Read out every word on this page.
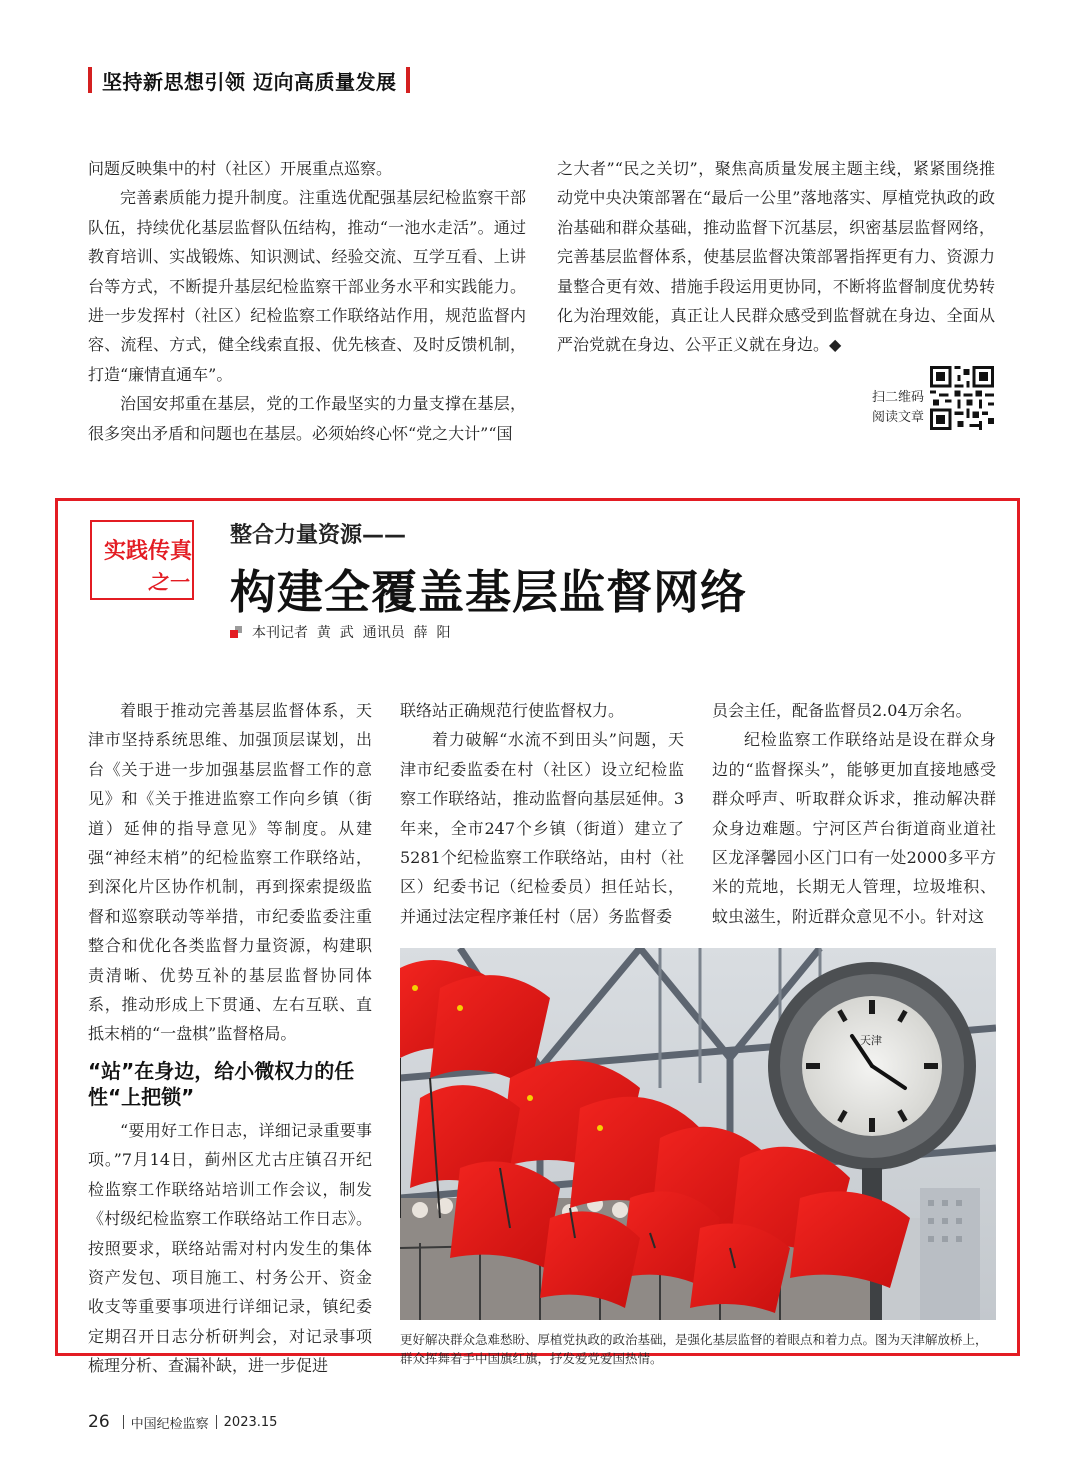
坚持新思想引领 迈向高质量发展

问题反映集中的村（社区）开展重点巡察。

完善素质能力提升制度。注重选优配强基层纪检监察干部队伍，持续优化基层监督队伍结构，推动“一池水走活”。通过教育培训、实战锻炼、知识测试、经验交流、互学互看、上讲台等方式，不断提升基层纪检监察干部业务水平和实践能力。进一步发挥村（社区）纪检监察工作联络站作用，规范监督内容、流程、方式，健全线索直报、优先核查、及时反馈机制，打造“廉情直通车”。

治国安邦重在基层，党的工作最坚实的力量支撑在基层，很多突出矛盾和问题也在基层。必须始终心怀“党之大计”“国

之大者”“民之关切”，聚焦高质量发展主题主线，紧紧围绕推动党中央决策部署在“最后一公里”落地落实、厚植党执政的政治基础和群众基础，推动监督下沉基层，织密基层监督网络，完善基层监督体系，使基层监督决策部署指挥更有力、资源力量整合更有效、措施手段运用更协同，不断将监督制度优势转化为治理效能，真正让人民群众感受到监督就在身边、全面从严治党就在身边、公平正义就在身边。◆

扫二维码
阅读文章
实践传真
之一
整合力量资源——
构建全覆盖基层监督网络
本刊记者  黄  武  通讯员  薛  阳

着眼于推动完善基层监督体系，天津市坚持系统思维、加强顶层谋划，出台《关于进一步加强基层监督工作的意见》和《关于推进监察工作向乡镇（街道）延伸的指导意见》等制度。从建强“神经末梢”的纪检监察工作联络站，到深化片区协作机制，再到探索提级监督和巡察联动等举措，市纪委监委注重整合和优化各类监督力量资源，构建职责清晰、优势互补的基层监督协同体系，推动形成上下贯通、左右互联、直抵末梢的“一盘棋”监督格局。

“站”在身边，给小微权力的任性“上把锁”

“要用好工作日志，详细记录重要事项。”7月14日，蓟州区尤古庄镇召开纪检监察工作联络站培训工作会议，制发《村级纪检监察工作联络站工作日志》。按照要求，联络站需对村内发生的集体资产发包、项目施工、村务公开、资金收支等重要事项进行详细记录，镇纪委定期召开日志分析研判会，对记录事项梳理分析、查漏补缺，进一步促进

联络站正确规范行使监督权力。

着力破解“水流不到田头”问题，天津市纪委监委在村（社区）设立纪检监察工作联络站，推动监督向基层延伸。3年来，全市247个乡镇（街道）建立了5281个纪检监察工作联络站，由村（社区）纪委书记（纪检委员）担任站长，并通过法定程序兼任村（居）务监督委

员会主任，配备监督员2.04万余名。

纪检监察工作联络站是设在群众身边的“监督探头”，能够更加直接地感受群众呼声、听取群众诉求，推动解决群众身边难题。宁河区芦台街道商业道社区龙泽馨园小区门口有一处2000多平方米的荒地，长期无人管理，垃圾堆积、蚊虫滋生，附近群众意见不小。针对这

天津
更好解决群众急难愁盼、厚植党执政的政治基础，是强化基层监督的着眼点和着力点。图为天津解放桥上，群众挥舞着手中国旗红旗，抒发爱党爱国热情。
26 中国纪检监察 2023.15
